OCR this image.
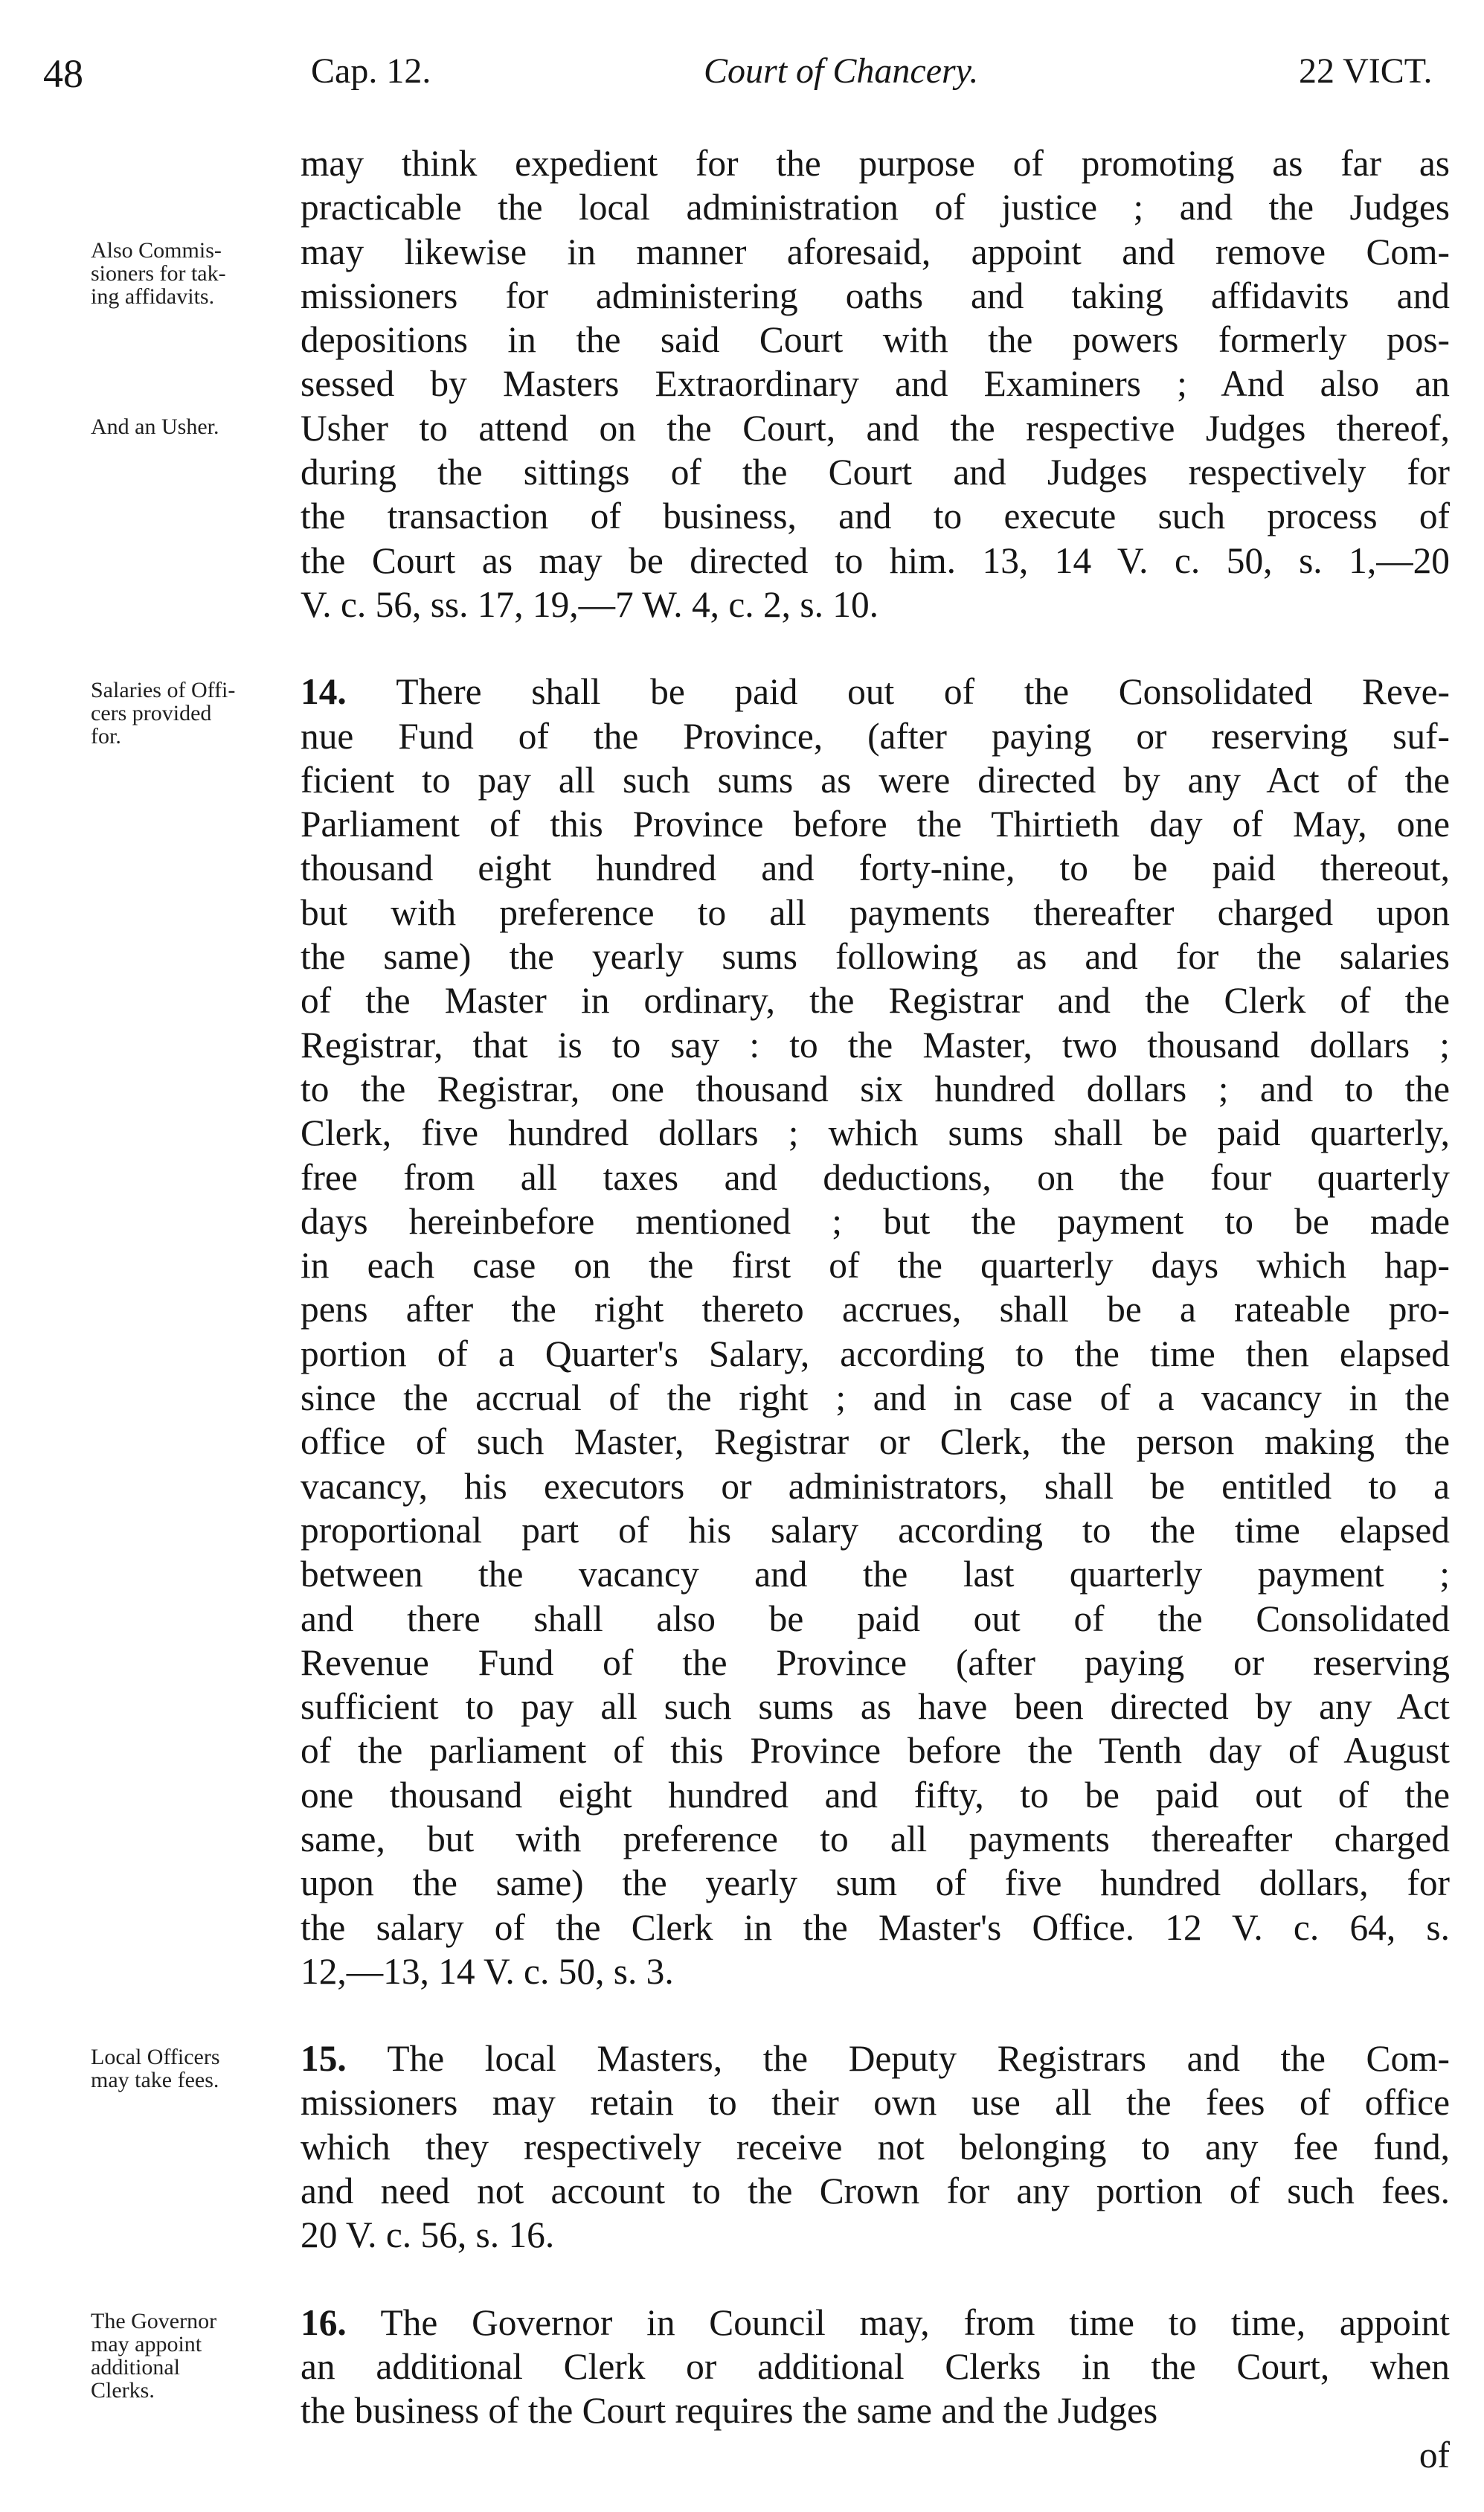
48	Cap. 12.	Court of Chancery.	22 VICT.
may think expedient for the purpose of promoting as far as
practicable the local administration of justice ; and the Judges
may likewise in manner aforesaid, appoint and remove Com-
missioners for administering oaths and taking affidavits and
depositions in the said Court with the powers formerly pos-
sessed by Masters Extraordinary and Examiners ; And also an
Usher to attend on the Court, and the respective Judges thereof,
during the sittings of the Court and Judges respectively for
the transaction of business, and to execute such process of
the Court as may be directed to him. 13, 14 V. c. 50, s. 1,—20
V. c. 56, ss. 17, 19,—7 W. 4, c. 2, s. 10.
Also Commis-
sioners for tak-
ing affidavits.
And an Usher.
14. There shall be paid out of the Consolidated Reve-
nue Fund of the Province, (after paying or reserving suf-
ficient to pay all such sums as were directed by any Act of the
Parliament of this Province before the Thirtieth day of May, one
thousand eight hundred and forty-nine, to be paid thereout,
but with preference to all payments thereafter charged upon
the same) the yearly sums following as and for the salaries
of the Master in ordinary, the Registrar and the Clerk of the
Registrar, that is to say : to the Master, two thousand dollars ;
to the Registrar, one thousand six hundred dollars ; and to the
Clerk, five hundred dollars ; which sums shall be paid quarterly,
free from all taxes and deductions, on the four quarterly
days hereinbefore mentioned ; but the payment to be made
in each case on the first of the quarterly days which hap-
pens after the right thereto accrues, shall be a rateable pro-
portion of a Quarter's Salary, according to the time then elapsed
since the accrual of the right ; and in case of a vacancy in the
office of such Master, Registrar or Clerk, the person making the
vacancy, his executors or administrators, shall be entitled to a
proportional part of his salary according to the time elapsed
between the vacancy and the last quarterly payment ;
and there shall also be paid out of the Consolidated
Revenue Fund of the Province (after paying or reserving
sufficient to pay all such sums as have been directed by any Act
of the parliament of this Province before the Tenth day of August
one thousand eight hundred and fifty, to be paid out of the
same, but with preference to all payments thereafter charged
upon the same) the yearly sum of five hundred dollars, for
the salary of the Clerk in the Master's Office. 12 V. c. 64, s.
12,—13, 14 V. c. 50, s. 3.
Salaries of Offi-
cers provided
for.
15. The local Masters, the Deputy Registrars and the Com-
missioners may retain to their own use all the fees of office
which they respectively receive not belonging to any fee fund,
and need not account to the Crown for any portion of such fees.
20 V. c. 56, s. 16.
Local Officers
may take fees.
16. The Governor in Council may, from time to time, appoint
an additional Clerk or additional Clerks in the Court, when
the business of the Court requires the same and the Judges
The Governor
may appoint
additional
Clerks.
of
